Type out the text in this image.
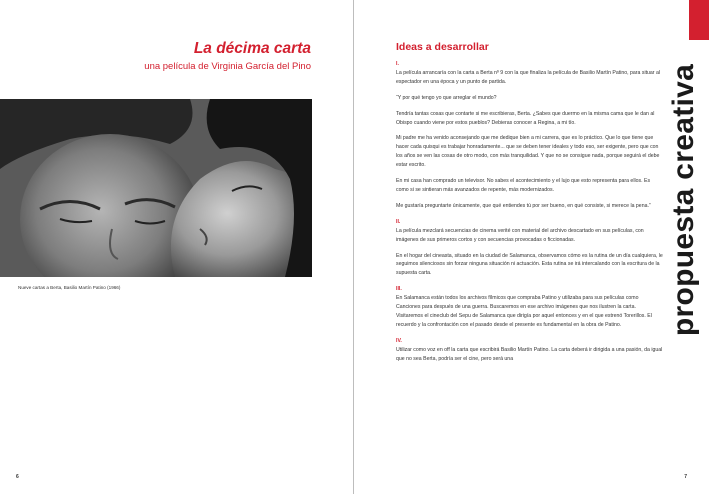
La décima carta
una película de Virginia García del Pino
Nueve cartas a Berta, Basilio Martín Patino (1966)
6
propuesta creativa
Ideas a desarrollar
I.

La película arrancaría con la carta a Berta nº 9 con la que finaliza la película de Basilio Martín Patino, para situar al espectador en una época y un punto de partida.

“Y por qué tengo yo que arreglar el mundo?

Tendría tantas cosas que contarte si me escribieras, Berta. ¿Sabes que duermo en la misma cama que le dan al Obispo cuando viene por estos pueblos? Debieras conocer a Regina, a mi tío.

Mi padre me ha venido aconsejando que me dedique bien a mi carrera, que es lo práctico. Que lo que tiene que hacer cada quisqui es trabajar honradamente... que se deben tener ideales y todo eso, ser exigente, pero que con los años se ven las cosas de otro modo, con más tranquilidad. Y que no se consigue nada, porque seguirá el debe estar escrito.

En mi casa han comprado un televisor. No sabes el acontecimiento y el lujo que esto representa para ellos. Es como si se sintieran más avanzados de repente, más modernizados.

Me gustaría preguntarte únicamente, que qué entiendes tú por ser bueno, en qué consiste, si merece la pena.”

II.

La película mezclará secuencias de cinema verité con material del archivo descartado en sus películas, con imágenes de sus primeros cortos y con secuencias provocadas o ficcionadas.

En el hogar del cineasta, situado en la ciudad de Salamanca, observamos cómo es la rutina de un día cualquiera, le seguimos silenciosos sin forzar ninguna situación ni actuación. Esta rutina se irá intercalando con la escritura de la supuesta carta.

III.

En Salamanca están todos los archivos fílmicos que compraba Patino y utilizaba para sus películas como Canciones para después de una guerra. Buscaremos en ese archivo imágenes que nos ilustren la carta. Visitaremos el cineclub del Sepu de Salamanca que dirigía por aquel entonces y en el que estrenó Torerillos. El recuerdo y la confrontación con el pasado desde el presente es fundamental en la obra de Patino.

IV.

Utilizar como voz en off la carta que escribirá Basilio Martín Patino. La carta deberá ir dirigida a una pasión, da igual que no sea Berta, podría ser el cine, pero será una

7
